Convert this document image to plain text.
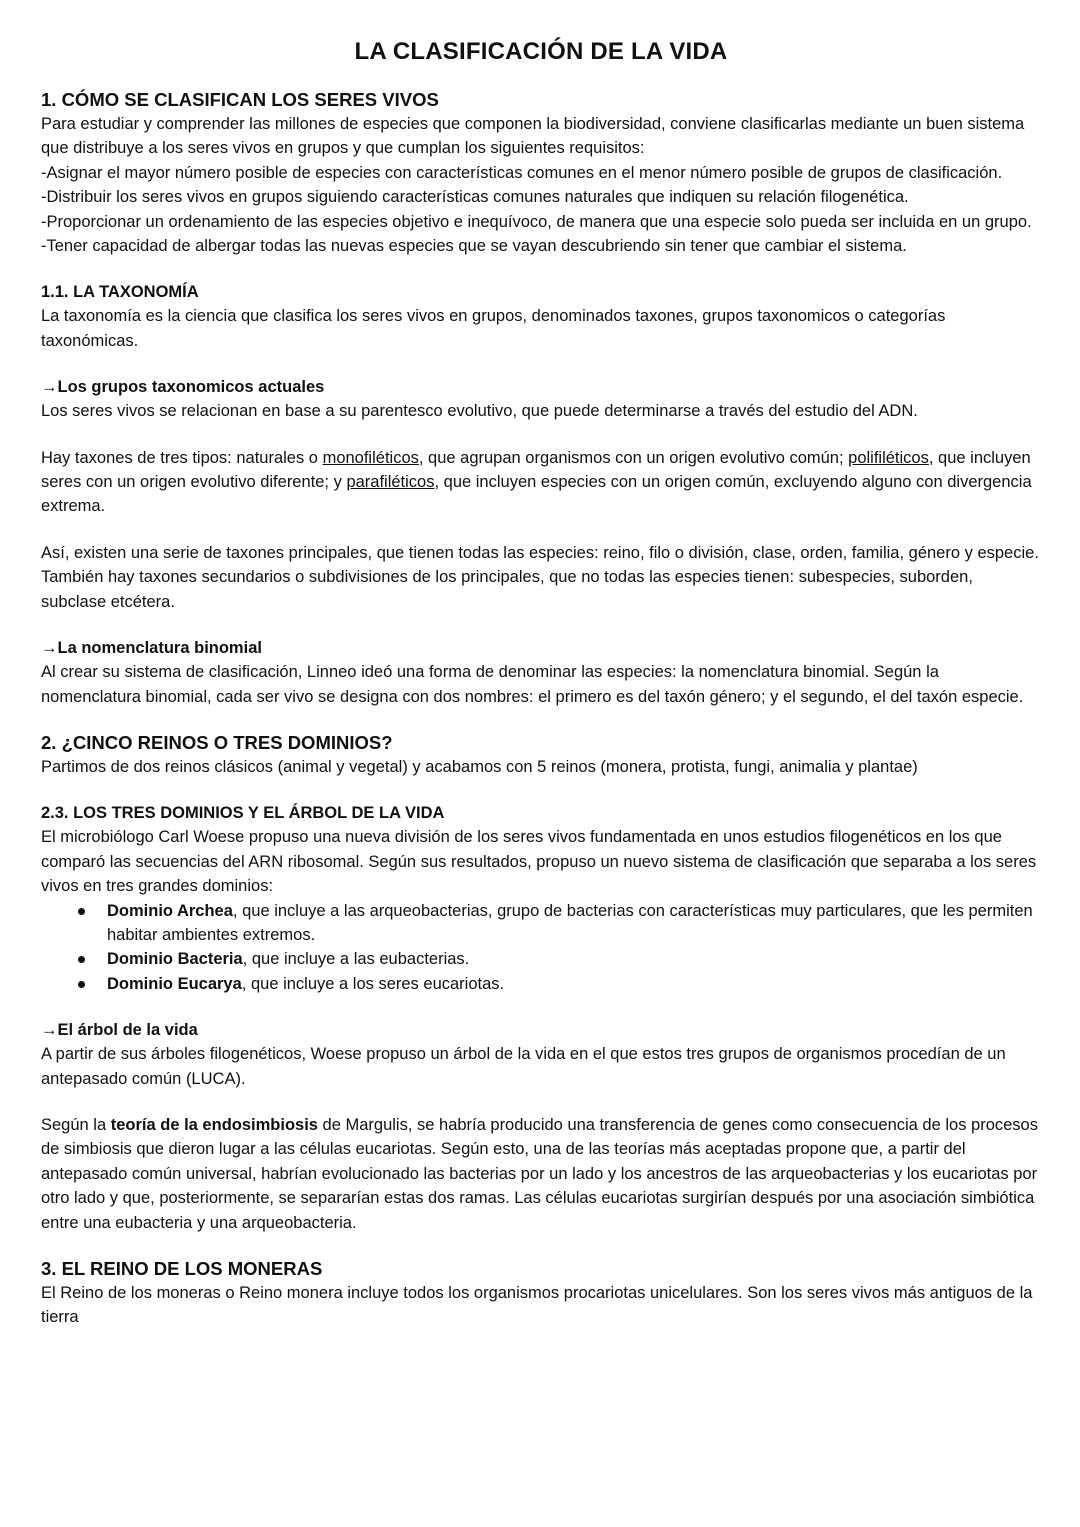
LA CLASIFICACIÓN DE LA VIDA
1. CÓMO SE CLASIFICAN LOS SERES VIVOS

Para estudiar y comprender las millones de especies que componen la biodiversidad, conviene clasificarlas mediante un buen sistema que distribuye a los seres vivos en grupos y que cumplan los siguientes requisitos:

-Asignar el mayor número posible de especies con características comunes en el menor número posible de grupos de clasificación.

-Distribuir los seres vivos en grupos siguiendo características comunes naturales que indiquen su relación filogenética.

-Proporcionar un ordenamiento de las especies objetivo e inequívoco, de manera que una especie solo pueda ser incluida en un grupo.

-Tener capacidad de albergar todas las nuevas especies que se vayan descubriendo sin tener que cambiar el sistema.

1.1. LA TAXONOMÍA

La taxonomía es la ciencia que clasifica los seres vivos en grupos, denominados taxones, grupos taxonomicos o categorías taxonómicas.

→Los grupos taxonomicos actuales

Los seres vivos se relacionan en base a su parentesco evolutivo, que puede determinarse a través del estudio del ADN.

Hay taxones de tres tipos: naturales o monofiléticos, que agrupan organismos con un origen evolutivo común; polifiléticos, que incluyen seres con un origen evolutivo diferente; y parafiléticos, que incluyen especies con un origen común, excluyendo alguno con divergencia extrema.

Así, existen una serie de taxones principales, que tienen todas las especies: reino, filo o división, clase, orden, familia, género y especie. También hay taxones secundarios o subdivisiones de los principales, que no todas las especies tienen: subespecies, suborden, subclase etcétera.

→La nomenclatura binomial

Al crear su sistema de clasificación, Linneo ideó una forma de denominar las especies: la nomenclatura binomial. Según la nomenclatura binomial, cada ser vivo se designa con dos nombres: el primero es del taxón género; y el segundo, el del taxón especie.

2. ¿CINCO REINOS O TRES DOMINIOS?

Partimos de dos reinos clásicos (animal y vegetal) y acabamos con 5 reinos (monera, protista, fungi, animalia y plantae)

2.3. LOS TRES DOMINIOS Y EL ÁRBOL DE LA VIDA

El microbiólogo Carl Woese propuso una nueva división de los seres vivos fundamentada en unos estudios filogenéticos en los que comparó las secuencias del ARN ribosomal. Según sus resultados, propuso un nuevo sistema de clasificación que separaba a los seres vivos en tres grandes dominios:

Dominio Archea, que incluye a las arqueobacterias, grupo de bacterias con características muy particulares, que les permiten habitar ambientes extremos.
Dominio Bacteria, que incluye a las eubacterias.
Dominio Eucarya, que incluye a los seres eucariotas.
→El árbol de la vida

A partir de sus árboles filogenéticos, Woese propuso un árbol de la vida en el que estos tres grupos de organismos procedían de un antepasado común (LUCA).

Según la teoría de la endosimbiosis de Margulis, se habría producido una transferencia de genes como consecuencia de los procesos de simbiosis que dieron lugar a las células eucariotas. Según esto, una de las teorías más aceptadas propone que, a partir del antepasado común universal, habrían evolucionado las bacterias por un lado y los ancestros de las arqueobacterias y los eucariotas por otro lado y que, posteriormente, se separarían estas dos ramas. Las células eucariotas surgirían después por una asociación simbiótica entre una eubacteria y una arqueobacteria.

3. EL REINO DE LOS MONERAS

El Reino de los moneras o Reino monera incluye todos los organismos procariotas unicelulares. Son los seres vivos más antiguos de la tierra
